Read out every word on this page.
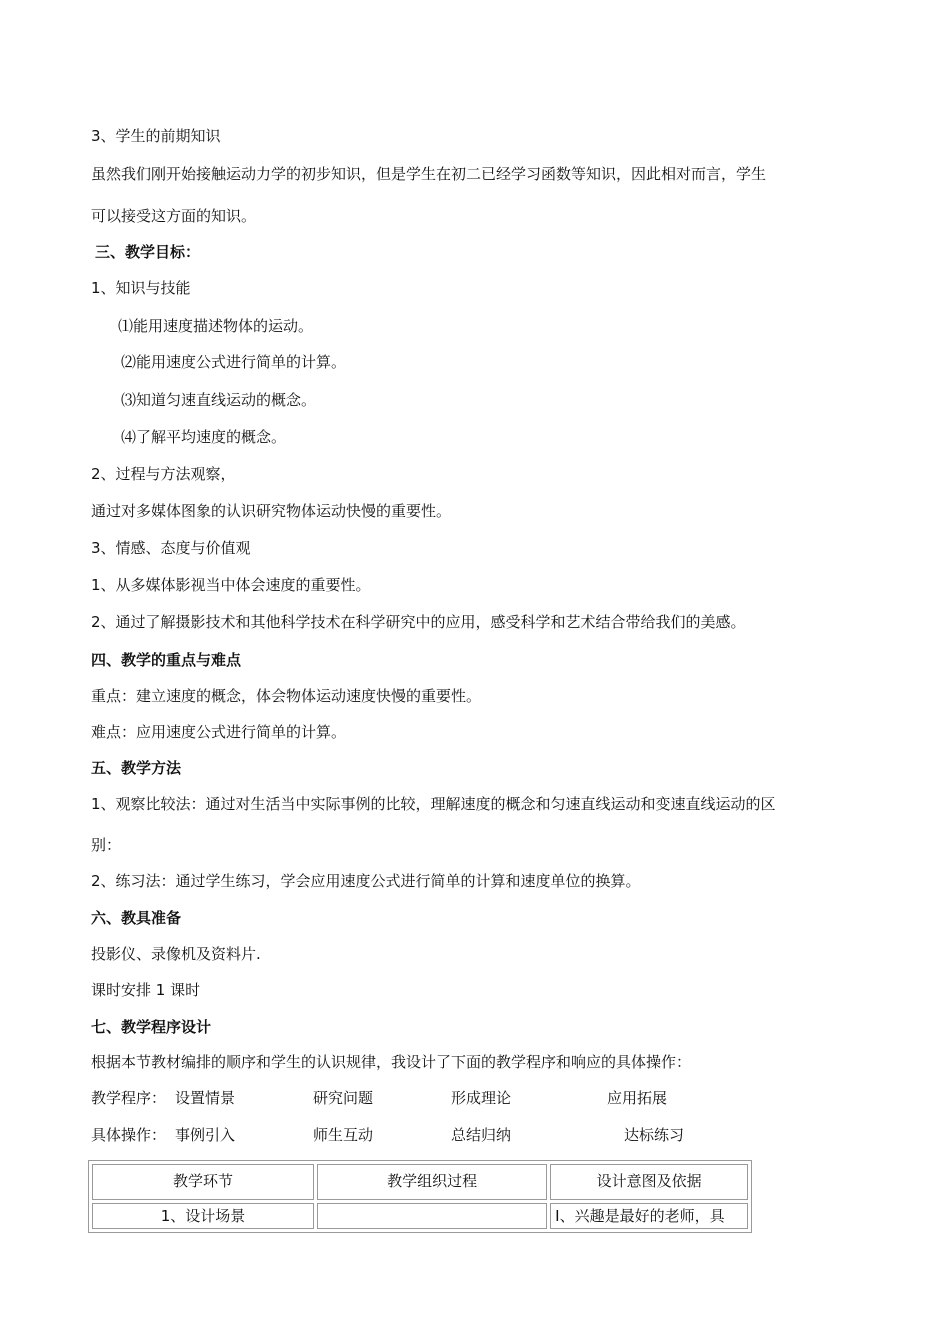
3、学生的前期知识
虽然我们刚开始接触运动力学的初步知识，但是学生在初二已经学习函数等知识，因此相对而言，学生
可以接受这方面的知识。
三、教学目标：
1、知识与技能
⑴能用速度描述物体的运动。
⑵能用速度公式进行简单的计算。
⑶知道匀速直线运动的概念。
⑷了解平均速度的概念。
2、过程与方法观察，
通过对多媒体图象的认识研究物体运动快慢的重要性。
3、情感、态度与价值观
1、从多媒体影视当中体会速度的重要性。
2、通过了解摄影技术和其他科学技术在科学研究中的应用，感受科学和艺术结合带给我们的美感。
四、教学的重点与难点
重点：建立速度的概念，体会物体运动速度快慢的重要性。
难点：应用速度公式进行简单的计算。
五、教学方法
1、观察比较法：通过对生活当中实际事例的比较，理解速度的概念和匀速直线运动和变速直线运动的区
别：
2、练习法：通过学生练习，学会应用速度公式进行简单的计算和速度单位的换算。
六、教具准备
投影仪、录像机及资料片.
课时安排 1 课时
七、教学程序设计
根据本节教材编排的顺序和学生的认识规律，我设计了下面的教学程序和响应的具体操作：
教学程序： 设置情景	研究问题	形成理论	应用拓展
具体操作： 事例引入	师生互动	总结归纳	达标练习
教学环节	教学组织过程	设计意图及依据
1、设计场景		Ⅰ、兴趣是最好的老师，具
